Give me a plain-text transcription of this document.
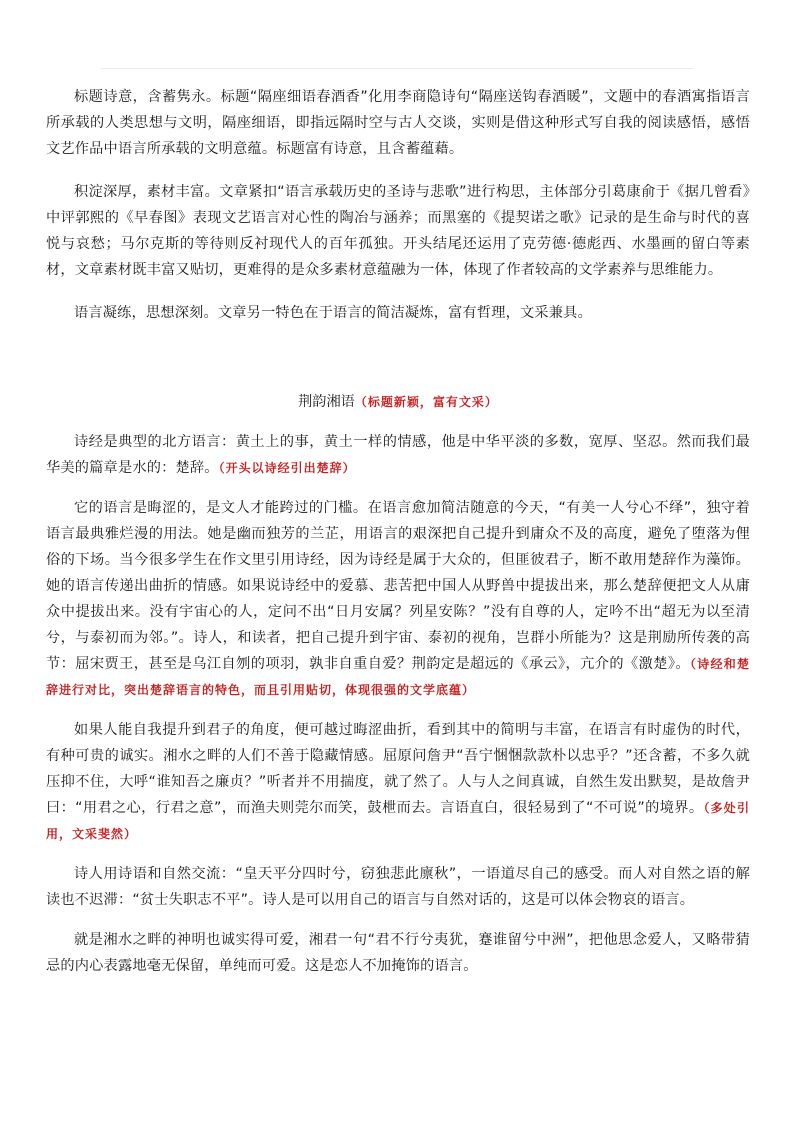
标题诗意，含蓄隽永。标题“隔座细语春酒香”化用李商隐诗句“隔座送钩春酒暖”，文题中的春酒寓指语言所承载的人类思想与文明，隔座细语，即指远隔时空与古人交谈，实则是借这种形式写自我的阅读感悟，感悟文艺作品中语言所承载的文明意蕴。标题富有诗意，且含蓄蕴藉。

积淀深厚，素材丰富。文章紧扣“语言承载历史的圣诗与悲歌”进行构思，主体部分引葛康俞于《据几曾看》中评郭熙的《早春图》表现文艺语言对心性的陶冶与涵养；而黑塞的《提契诺之歌》记录的是生命与时代的喜悦与哀愁；马尔克斯的等待则反衬现代人的百年孤独。开头结尾还运用了克劳德·德彪西、水墨画的留白等素材，文章素材既丰富又贴切，更难得的是众多素材意蕴融为一体，体现了作者较高的文学素养与思维能力。

语言凝练，思想深刻。文章另一特色在于语言的简洁凝炼，富有哲理，文采兼具。

荆韵湘语（标题新颖，富有文采）

诗经是典型的北方语言：黄土上的事，黄土一样的情感，他是中华平淡的多数，宽厚、坚忍。然而我们最华美的篇章是水的：楚辞。（开头以诗经引出楚辞）

它的语言是晦涩的，是文人才能跨过的门槛。在语言愈加简洁随意的今天，“有美一人兮心不绎”，独守着语言最典雅烂漫的用法。她是幽而独芳的兰芷，用语言的艰深把自己提升到庸众不及的高度，避免了堕落为俚俗的下场。当今很多学生在作文里引用诗经，因为诗经是属于大众的，但匪彼君子，断不敢用楚辞作为藻饰。她的语言传递出曲折的情感。如果说诗经中的爱慕、悲苦把中国人从野兽中提拔出来，那么楚辞便把文人从庸众中提拔出来。没有宇宙心的人，定问不出“日月安属？列星安陈？”没有自尊的人，定吟不出“超无为以至清兮，与泰初而为邻。”。诗人，和读者，把自己提升到宇宙、泰初的视角，岂群小所能为？这是荆励所传袭的高节：屈宋贾王，甚至是乌江自刎的项羽，孰非自重自爱？荆韵定是超远的《承云》，亢介的《激楚》。（诗经和楚辞进行对比，突出楚辞语言的特色，而且引用贴切，体现很强的文学底蕴）

如果人能自我提升到君子的角度，便可越过晦涩曲折，看到其中的简明与丰富，在语言有时虚伪的时代，有种可贵的诚实。湘水之畔的人们不善于隐藏情感。屈原问詹尹“吾宁悃悃款款朴以忠乎？”还含蓄，不多久就压抑不住，大呼“谁知吾之廉贞？”听者并不用揣度，就了然了。人与人之间真诚，自然生发出默契，是故詹尹曰：“用君之心，行君之意”，而渔夫则莞尔而笑，鼓枻而去。言语直白，很轻易到了“不可说”的境界。（多处引用，文采斐然）

诗人用诗语和自然交流：“皇天平分四时兮，窃独悲此廪秋”，一语道尽自己的感受。而人对自然之语的解读也不迟滞：“贫士失职志不平”。诗人是可以用自己的语言与自然对话的，这是可以体会物哀的语言。

就是湘水之畔的神明也诚实得可爱，湘君一句“君不行兮夷犹，蹇谁留兮中洲”，把他思念爱人，又略带猜忌的内心表露地毫无保留，单纯而可爱。这是恋人不加掩饰的语言。
